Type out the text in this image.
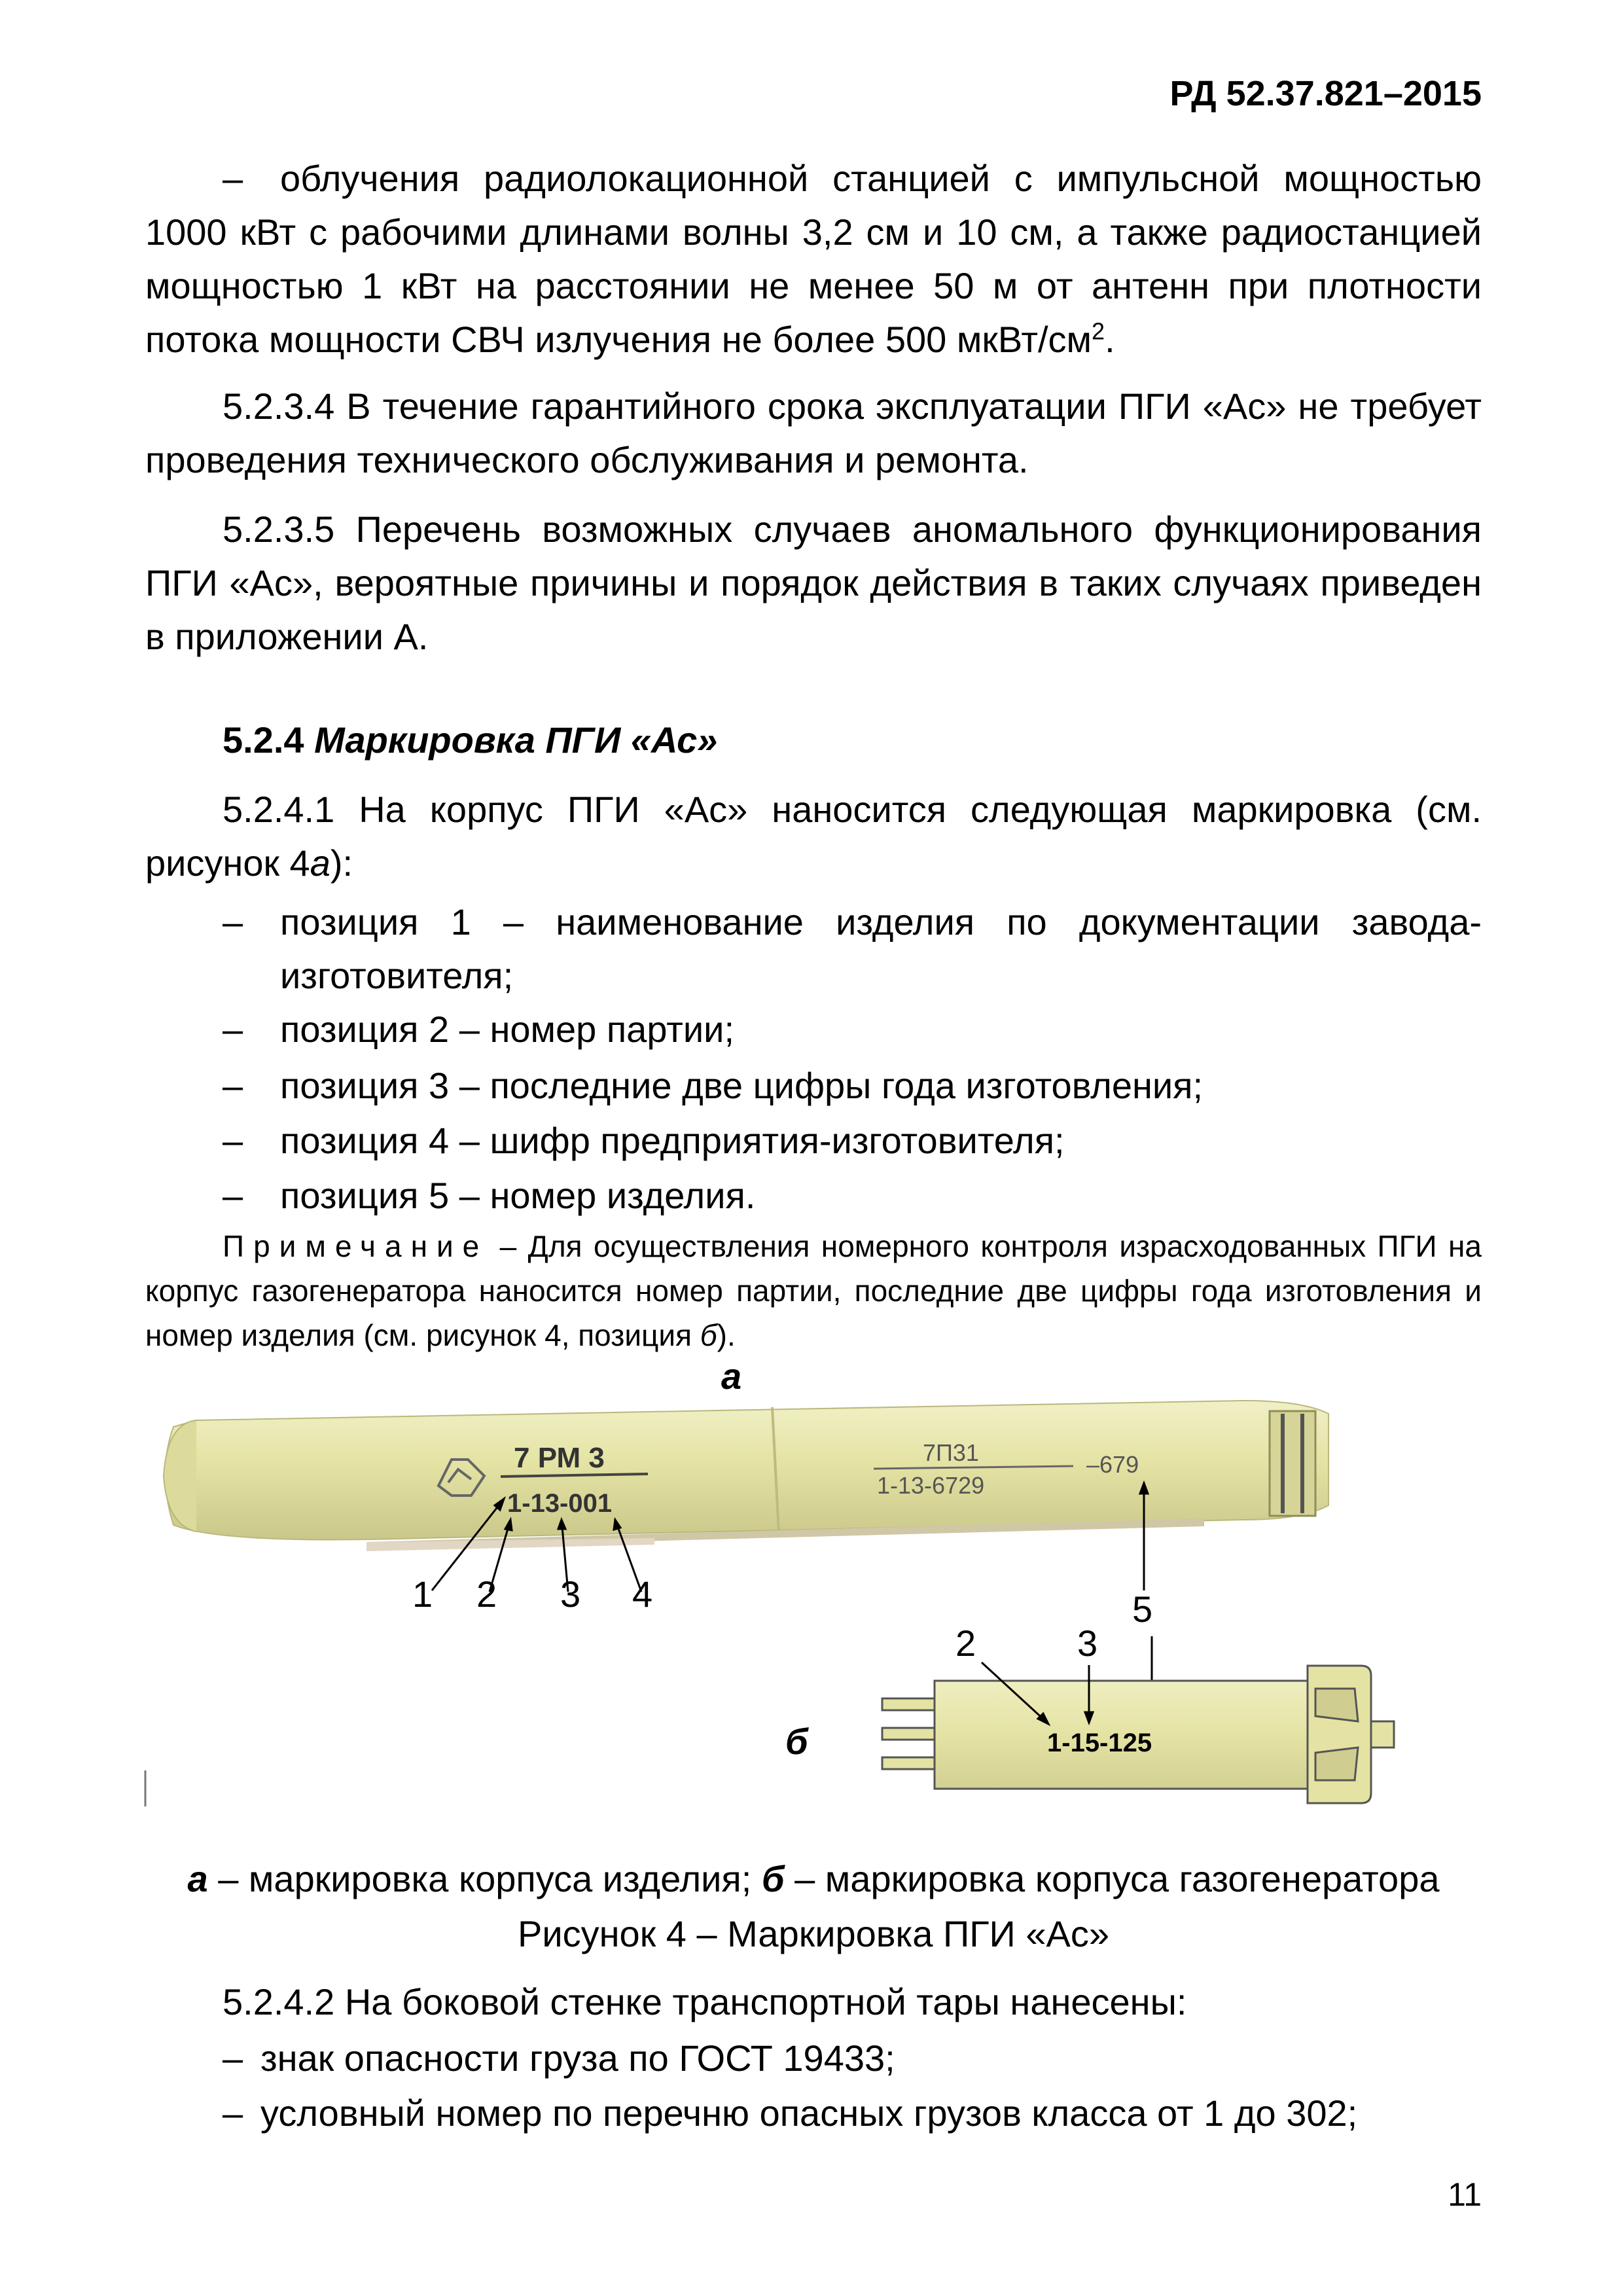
РД 52.37.821–2015
–	облучения радиолокационной станцией с импульсной мощностью 1000 кВт с рабочими длинами волны 3,2 см и 10 см, а также радиостанцией мощностью 1 кВт на расстоянии не менее 50 м от антенн при плотности потока мощности СВЧ излучения не более 500 мкВт/$см^2$.
5.2.3.4 В течение гарантийного срока эксплуатации ПГИ «Ас» не требует проведения технического обслуживания и ремонта.
5.2.3.5 Перечень возможных случаев аномального функционирования ПГИ «Ас», вероятные причины и порядок действия в таких случаях приведен в приложении А.
5.2.4 Маркировка ПГИ «Ас»
5.2.4.1 На корпус ПГИ «Ас» наносится следующая маркировка (см. рисунок 4а):
– позиция 1 – наименование изделия по документации завода-изготовителя;
– позиция 2 – номер партии;
– позиция 3 – последние две цифры года изготовления;
– позиция 4 – шифр предприятия-изготовителя;
– позиция 5 – номер изделия.
Примечание – Для осуществления номерного контроля израсходованных ПГИ на корпус газогенератора наносится номер партии, последние две цифры года изготовления и номер изделия (см. рисунок 4, позиция б).
а
7 РМ 3
1-13-001
7П31
1-13-6729
–679
1 2 3 4	5
б	1-15-125
2	3
а – маркировка корпуса изделия; б – маркировка корпуса газогенератора
Рисунок 4 – Маркировка ПГИ «Ас»
5.2.4.2 На боковой стенке транспортной тары нанесены:
– знак опасности груза по ГОСТ 19433;
– условный номер по перечню опасных грузов класса от 1 до 302;
11
